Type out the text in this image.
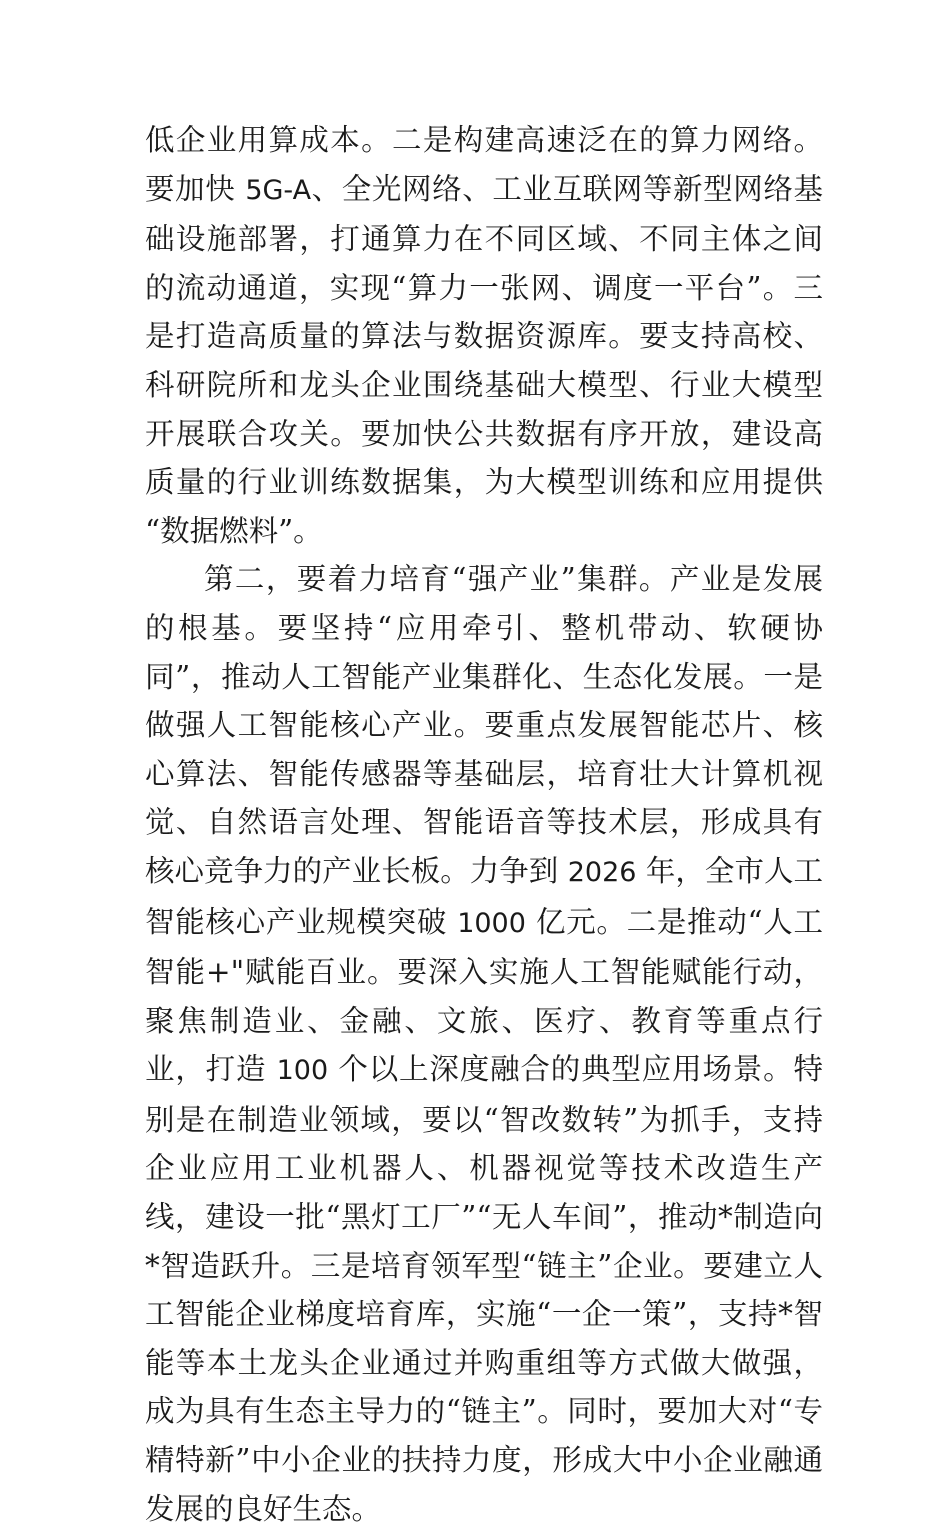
低企业用算成本。二是构建高速泛在的算力网络。要加快 5G-A、全光网络、工业互联网等新型网络基础设施部署，打通算力在不同区域、不同主体之间的流动通道，实现“算力一张网、调度一平台”。三是打造高质量的算法与数据资源库。要支持高校、科研院所和龙头企业围绕基础大模型、行业大模型开展联合攻关。要加快公共数据有序开放，建设高质量的行业训练数据集，为大模型训练和应用提供“数据燃料”。

第二，要着力培育“强产业”集群。产业是发展的根基。要坚持“应用牵引、整机带动、软硬协同”，推动人工智能产业集群化、生态化发展。一是做强人工智能核心产业。要重点发展智能芯片、核心算法、智能传感器等基础层，培育壮大计算机视觉、自然语言处理、智能语音等技术层，形成具有核心竞争力的产业长板。力争到 2026 年，全市人工智能核心产业规模突破 1000 亿元。二是推动“人工智能+"赋能百业。要深入实施人工智能赋能行动，聚焦制造业、金融、文旅、医疗、教育等重点行业，打造 100 个以上深度融合的典型应用场景。特别是在制造业领域，要以“智改数转”为抓手，支持企业应用工业机器人、机器视觉等技术改造生产线，建设一批“黑灯工厂”“无人车间”，推动*制造向*智造跃升。三是培育领军型“链主”企业。要建立人工智能企业梯度培育库，实施“一企一策”，支持*智能等本土龙头企业通过并购重组等方式做大做强，成为具有生态主导力的“链主”。同时，要加大对“专精特新”中小企业的扶持力度，形成大中小企业融通发展的良好生态。
